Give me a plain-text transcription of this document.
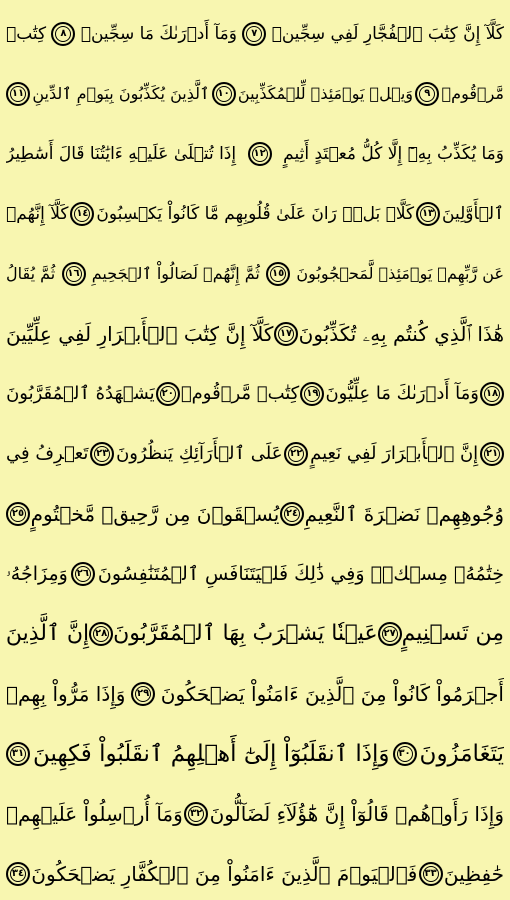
كَلَّآ إِنَّ كِتَٰبَ ٱلۡفُجَّارِ لَفِي سِجِّينٖ
٧
وَمَآ أَدۡرَىٰكَ مَا سِجِّينٞ
٨
كِتَٰبٞ
مَّرۡقُومٞ
٩
وَيۡلٞ يَوۡمَئِذٖ لِّلۡمُكَذِّبِينَ
١٠
ٱلَّذِينَ يُكَذِّبُونَ بِيَوۡمِ ٱلدِّينِ
١١
وَمَا يُكَذِّبُ بِهِۦٓ إِلَّا كُلُّ مُعۡتَدٍ أَثِيمٍ
١٢
إِذَا تُتۡلَىٰ عَلَيۡهِ ءَايَٰتُنَا قَالَ أَسَٰطِيرُ
ٱلۡأَوَّلِينَ
١٣
كَلَّاۖ بَلۡۜ رَانَ عَلَىٰ قُلُوبِهِم مَّا كَانُواْ يَكۡسِبُونَ
١٤
كَلَّآ إِنَّهُمۡ
عَن رَّبِّهِمۡ يَوۡمَئِذٖ لَّمَحۡجُوبُونَ
١٥
ثُمَّ إِنَّهُمۡ لَصَالُواْ ٱلۡجَحِيمِ
١٦
ثُمَّ يُقَالُ
هَٰذَا ٱلَّذِي كُنتُم بِهِۦ تُكَذِّبُونَ
١٧
كَلَّآ إِنَّ كِتَٰبَ ٱلۡأَبۡرَارِ لَفِي عِلِّيِّينَ
١٨
وَمَآ أَدۡرَىٰكَ مَا عِلِّيُّونَ
١٩
كِتَٰبٞ مَّرۡقُومٞ
٢٠
يَشۡهَدُهُ ٱلۡمُقَرَّبُونَ
٢١
إِنَّ ٱلۡأَبۡرَارَ لَفِي نَعِيمٍ
٢٢
عَلَى ٱلۡأَرَآئِكِ يَنظُرُونَ
٢٣
تَعۡرِفُ فِي
وُجُوهِهِمۡ نَضۡرَةَ ٱلنَّعِيمِ
٢٤
يُسۡقَوۡنَ مِن رَّحِيقٖ مَّخۡتُومٍ
٢٥
خِتَٰمُهُۥ مِسۡكٞۚ وَفِي ذَٰلِكَ فَلۡيَتَنَافَسِ ٱلۡمُتَنَٰفِسُونَ
٢٦
وَمِزَاجُهُۥ
مِن تَسۡنِيمٍ
٢٧
عَيۡنٗا يَشۡرَبُ بِهَا ٱلۡمُقَرَّبُونَ
٢٨
إِنَّ ٱلَّذِينَ
أَجۡرَمُواْ كَانُواْ مِنَ ٱلَّذِينَ ءَامَنُواْ يَضۡحَكُونَ
٢٩
وَإِذَا مَرُّواْ بِهِمۡ
يَتَغَامَزُونَ
٣٠
وَإِذَا ٱنقَلَبُوٓاْ إِلَىٰٓ أَهۡلِهِمُ ٱنقَلَبُواْ فَكِهِينَ
٣١
وَإِذَا رَأَوۡهُمۡ قَالُوٓاْ إِنَّ هَٰٓؤُلَآءِ لَضَآلُّونَ
٣٢
وَمَآ أُرۡسِلُواْ عَلَيۡهِمۡ
حَٰفِظِينَ
٣٣
فَٱلۡيَوۡمَ ٱلَّذِينَ ءَامَنُواْ مِنَ ٱلۡكُفَّارِ يَضۡحَكُونَ
٣٤
